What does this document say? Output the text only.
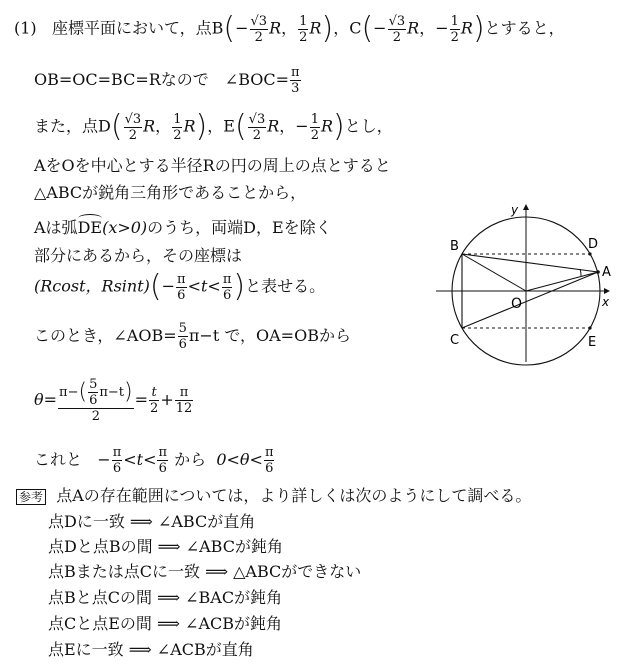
(1) 座標平面において，点$B(- \frac{√3}{2}$ R， $\frac{1}{2} R$)，$C(- \frac{√3}{2}$ R，− $\frac{1}{2} R$)とすると，
OB=OC=BC=Rなので　∠BOC= $\frac{\pi}{3}$
また，点$D( \frac{√3}{2}$ R， $\frac{1}{2} R$)，$E( \frac{√3}{2}$ R，− $\frac{1}{2} R$)とし，
AをOを中心とする半径Rの円の周上の点とすると
△ABCが鋭角三角形であることから，
Aは弧DE(x>0)のうち，両端D，Eを除く
部分にあるから，その座標は
(Rcost，$Rsint)(- \frac{\pi}{6} <t< \frac{\pi}{6}$ )と表せる。
このとき，∠AOB= $\frac{5}{6} \pi-t$ で，OA=OBから
$\theta= \frac{\pi-( \frac{5}{6} \pi-t)}{2} = \frac{t}{2} + \frac{\pi}{12}$
これと − $\frac{\pi}{6} <t< \frac{\pi}{6}$ から $0<\theta< \frac{\pi}{6}$
参考 点Aの存在範囲については，より詳しくは次のようにして調べる。
点Dに一致 ⟹ ∠ABCが直角
点Dと点Bの間 ⟹ ∠ABCが鈍角
点Bまたは点Cに一致 ⟹ △ABCができない
点Bと点Cの間 ⟹ ∠BACが鈍角
点Cと点Eの間 ⟹ ∠ACBが鈍角
点Eに一致 ⟹ ∠ACBが直角
y
x
O
A
B
C
D
E
